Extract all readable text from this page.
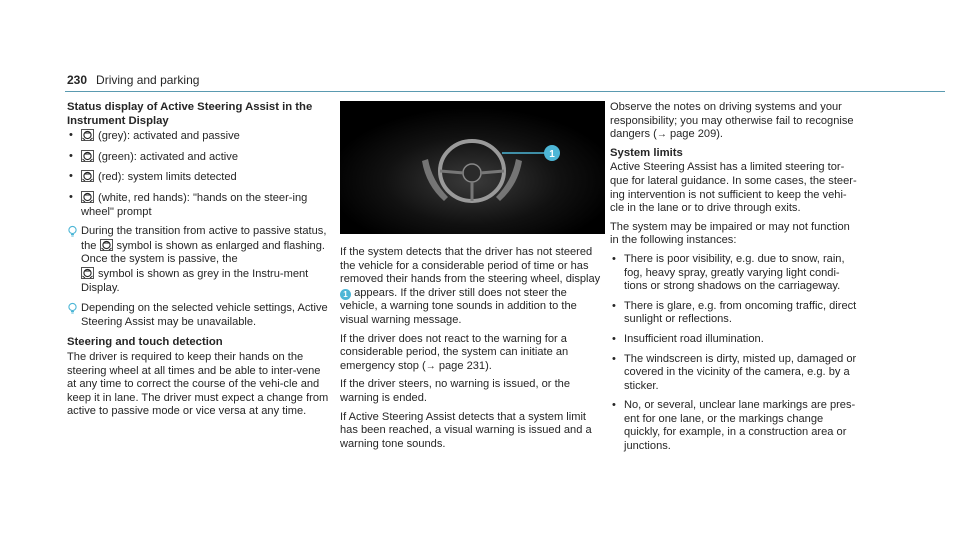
230 Driving and parking
Status display of Active Steering Assist in the Instrument Display
• (grey): activated and passive
• (green): activated and active
• (red): system limits detected
• (white, red hands): "hands on the steer-ing wheel" prompt
During the transition from active to passive status, the symbol is shown as enlarged and flashing. Once the system is passive, the
symbol is shown as grey in the Instru-ment Display.
Depending on the selected vehicle settings, Active Steering Assist may be unavailable.
Steering and touch detection

The driver is required to keep their hands on the steering wheel at all times and be able to inter-vene at any time to correct the course of the vehi-cle and keep it in lane. The driver must expect a change from active to passive mode or vice versa at any time.

1

If the system detects that the driver has not steered the vehicle for a considerable period of time or has removed their hands from the steering wheel, display 1 appears. If the driver still does not steer the vehicle, a warning tone sounds in addition to the visual warning message.

If the driver does not react to the warning for a considerable period, the system can initiate an emergency stop (→ page 231).

If the driver steers, no warning is issued, or the warning is ended.

If Active Steering Assist detects that a system limit has been reached, a visual warning is issued and a warning tone sounds.

Observe the notes on driving systems and your responsibility; you may otherwise fail to recognise dangers (→ page 209).

System limits

Active Steering Assist has a limited steering tor-que for lateral guidance. In some cases, the steer-ing intervention is not sufficient to keep the vehi-cle in the lane or to drive through exits.

The system may be impaired or may not function in the following instances:

• There is poor visibility, e.g. due to snow, rain, fog, heavy spray, greatly varying light condi-tions or strong shadows on the carriageway.
• There is glare, e.g. from oncoming traffic, direct sunlight or reflections.
• Insufficient road illumination.
• The windscreen is dirty, misted up, damaged or covered in the vicinity of the camera, e.g. by a sticker.
• No, or several, unclear lane markings are pres-ent for one lane, or the markings change quickly, for example, in a construction area or junctions.
